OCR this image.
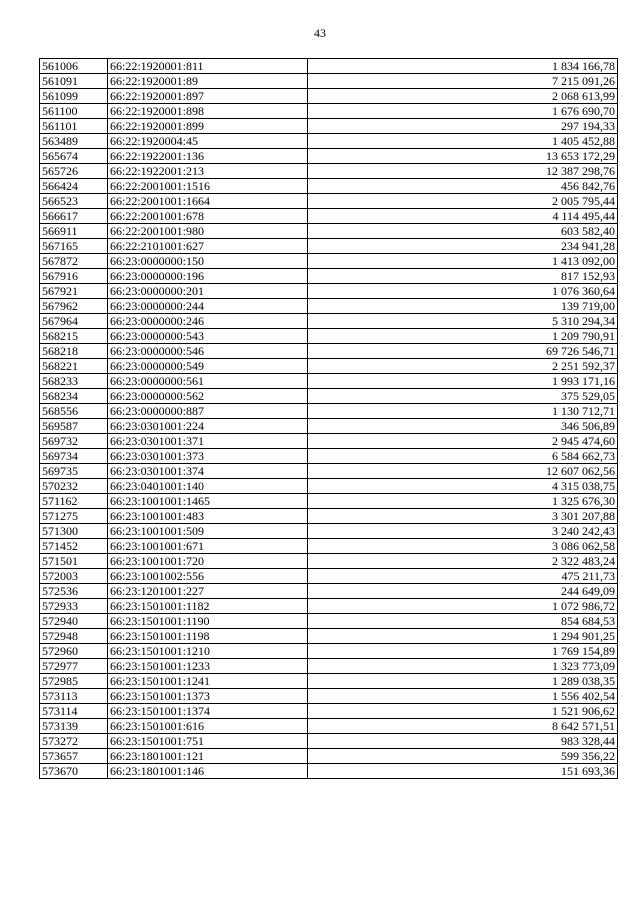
43
561006	66:22:1920001:811	1 834 166,78
561091	66:22:1920001:89	7 215 091,26
561099	66:22:1920001:897	2 068 613,99
561100	66:22:1920001:898	1 676 690,70
561101	66:22:1920001:899	297 194,33
563489	66:22:1920004:45	1 405 452,88
565674	66:22:1922001:136	13 653 172,29
565726	66:22:1922001:213	12 387 298,76
566424	66:22:2001001:1516	456 842,76
566523	66:22:2001001:1664	2 005 795,44
566617	66:22:2001001:678	4 114 495,44
566911	66:22:2001001:980	603 582,40
567165	66:22:2101001:627	234 941,28
567872	66:23:0000000:150	1 413 092,00
567916	66:23:0000000:196	817 152,93
567921	66:23:0000000:201	1 076 360,64
567962	66:23:0000000:244	139 719,00
567964	66:23:0000000:246	5 310 294,34
568215	66:23:0000000:543	1 209 790,91
568218	66:23:0000000:546	69 726 546,71
568221	66:23:0000000:549	2 251 592,37
568233	66:23:0000000:561	1 993 171,16
568234	66:23:0000000:562	375 529,05
568556	66:23:0000000:887	1 130 712,71
569587	66:23:0301001:224	346 506,89
569732	66:23:0301001:371	2 945 474,60
569734	66:23:0301001:373	6 584 662,73
569735	66:23:0301001:374	12 607 062,56
570232	66:23:0401001:140	4 315 038,75
571162	66:23:1001001:1465	1 325 676,30
571275	66:23:1001001:483	3 301 207,88
571300	66:23:1001001:509	3 240 242,43
571452	66:23:1001001:671	3 086 062,58
571501	66:23:1001001:720	2 322 483,24
572003	66:23:1001002:556	475 211,73
572536	66:23:1201001:227	244 649,09
572933	66:23:1501001:1182	1 072 986,72
572940	66:23:1501001:1190	854 684,53
572948	66:23:1501001:1198	1 294 901,25
572960	66:23:1501001:1210	1 769 154,89
572977	66:23:1501001:1233	1 323 773,09
572985	66:23:1501001:1241	1 289 038,35
573113	66:23:1501001:1373	1 556 402,54
573114	66:23:1501001:1374	1 521 906,62
573139	66:23:1501001:616	8 642 571,51
573272	66:23:1501001:751	983 328,44
573657	66:23:1801001:121	599 356,22
573670	66:23:1801001:146	151 693,36
